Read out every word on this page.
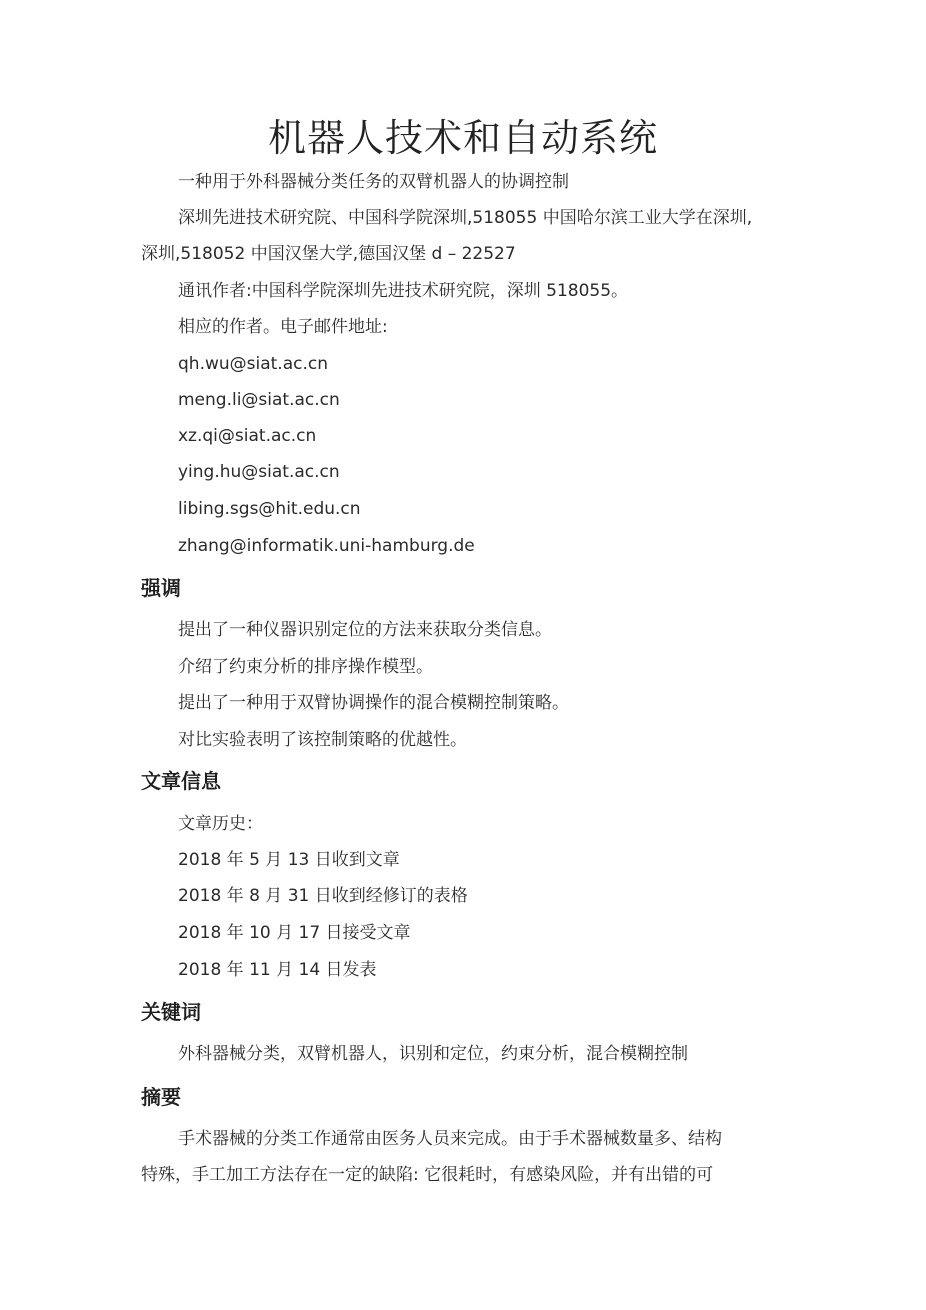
机器人技术和自动系统
一种用于外科器械分类任务的双臂机器人的协调控制
深圳先进技术研究院、中国科学院深圳,518055 中国哈尔滨工业大学在深圳,
深圳,518052 中国汉堡大学,德国汉堡 d – 22527
通讯作者:中国科学院深圳先进技术研究院，深圳 518055。
相应的作者。电子邮件地址:
qh.wu@siat.ac.cn
meng.li@siat.ac.cn
xz.qi@siat.ac.cn
ying.hu@siat.ac.cn
libing.sgs@hit.edu.cn
zhang@informatik.uni-hamburg.de
强调
提出了一种仪器识别定位的方法来获取分类信息。
介绍了约束分析的排序操作模型。
提出了一种用于双臂协调操作的混合模糊控制策略。
对比实验表明了该控制策略的优越性。
文章信息
文章历史：
2018 年 5 月 13 日收到文章
2018 年 8 月 31 日收到经修订的表格
2018 年 10 月 17 日接受文章
2018 年 11 月 14 日发表
关键词
外科器械分类，双臂机器人，识别和定位，约束分析，混合模糊控制
摘要
手术器械的分类工作通常由医务人员来完成。由于手术器械数量多、结构
特殊，手工加工方法存在一定的缺陷: 它很耗时，有感染风险，并有出错的可
